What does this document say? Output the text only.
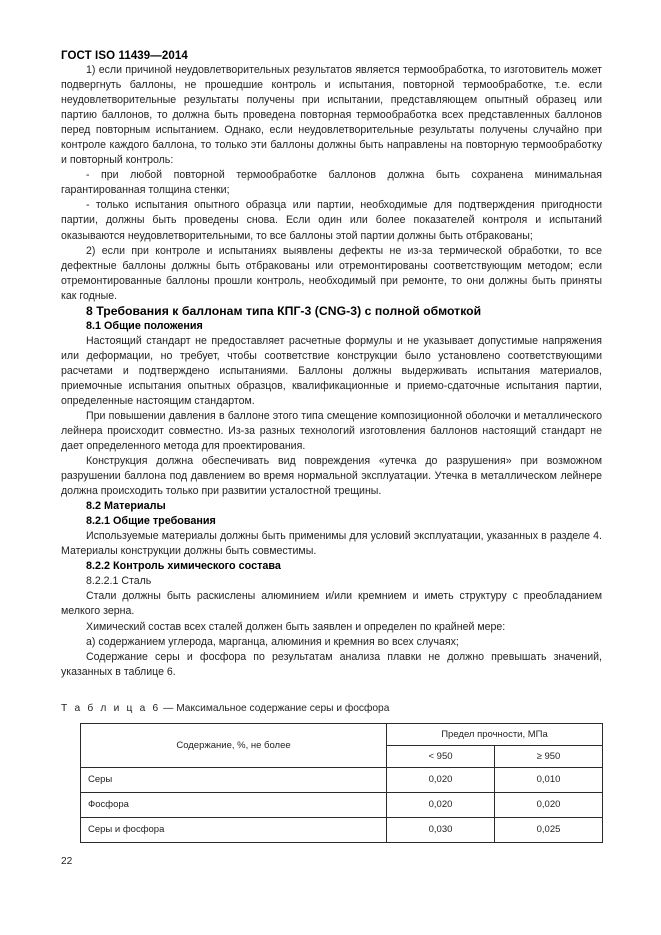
ГОСТ ISO 11439—2014

1) если причиной неудовлетворительных результатов является термообработка, то изготовитель может подвергнуть баллоны, не прошедшие контроль и испытания, повторной термообработке, т.е. если неудовлетворительные результаты получены при испытании, представляющем опытный образец или партию баллонов, то должна быть проведена повторная термообработка всех представленных баллонов перед повторным испытанием. Однако, если неудовлетворительные результаты получены случайно при контроле каждого баллона, то только эти баллоны должны быть направлены на повторную термообработку и повторный контроль:

- при любой повторной термообработке баллонов должна быть сохранена минимальная гарантированная толщина стенки;

- только испытания опытного образца или партии, необходимые для подтверждения пригодности партии, должны быть проведены снова. Если один или более показателей контроля и испытаний оказываются неудовлетворительными, то все баллоны этой партии должны быть отбракованы;

2) если при контроле и испытаниях выявлены дефекты не из-за термической обработки, то все дефектные баллоны должны быть отбракованы или отремонтированы соответствующим методом; если отремонтированные баллоны прошли контроль, необходимый при ремонте, то они должны быть приняты как годные.

8 Требования к баллонам типа КПГ-3 (CNG-3) с полной обмоткой
8.1 Общие положения

Настоящий стандарт не предоставляет расчетные формулы и не указывает допустимые напряжения или деформации, но требует, чтобы соответствие конструкции было установлено соответствующими расчетами и подтверждено испытаниями. Баллоны должны выдерживать испытания материалов, приемочные испытания опытных образцов, квалификационные и приемо-сдаточные испытания партии, определенные настоящим стандартом.

При повышении давления в баллоне этого типа смещение композиционной оболочки и металлического лейнера происходит совместно. Из-за разных технологий изготовления баллонов настоящий стандарт не дает определенного метода для проектирования.

Конструкция должна обеспечивать вид повреждения «утечка до разрушения» при возможном разрушении баллона под давлением во время нормальной эксплуатации. Утечка в металлическом лейнере должна происходить только при развитии усталостной трещины.

8.2 Материалы
8.2.1 Общие требования

Используемые материалы должны быть применимы для условий эксплуатации, указанных в разделе 4. Материалы конструкции должны быть совместимы.

8.2.2 Контроль химического состава

8.2.2.1 Сталь

Стали должны быть раскислены алюминием и/или кремнием и иметь структуру с преобладанием мелкого зерна.

Химический состав всех сталей должен быть заявлен и определен по крайней мере:

а) содержанием углерода, марганца, алюминия и кремния во всех случаях;

Содержание серы и фосфора по результатам анализа плавки не должно превышать значений, указанных в таблице 6.

Т а б л и ц а 6 — Максимальное содержание серы и фосфора

Содержание, %, не более	Предел прочности, МПа	
	< 950	≥ 950
Серы	0,020	0,010
Фосфора	0,020	0,020
Серы и фосфора	0,030	0,025
22
